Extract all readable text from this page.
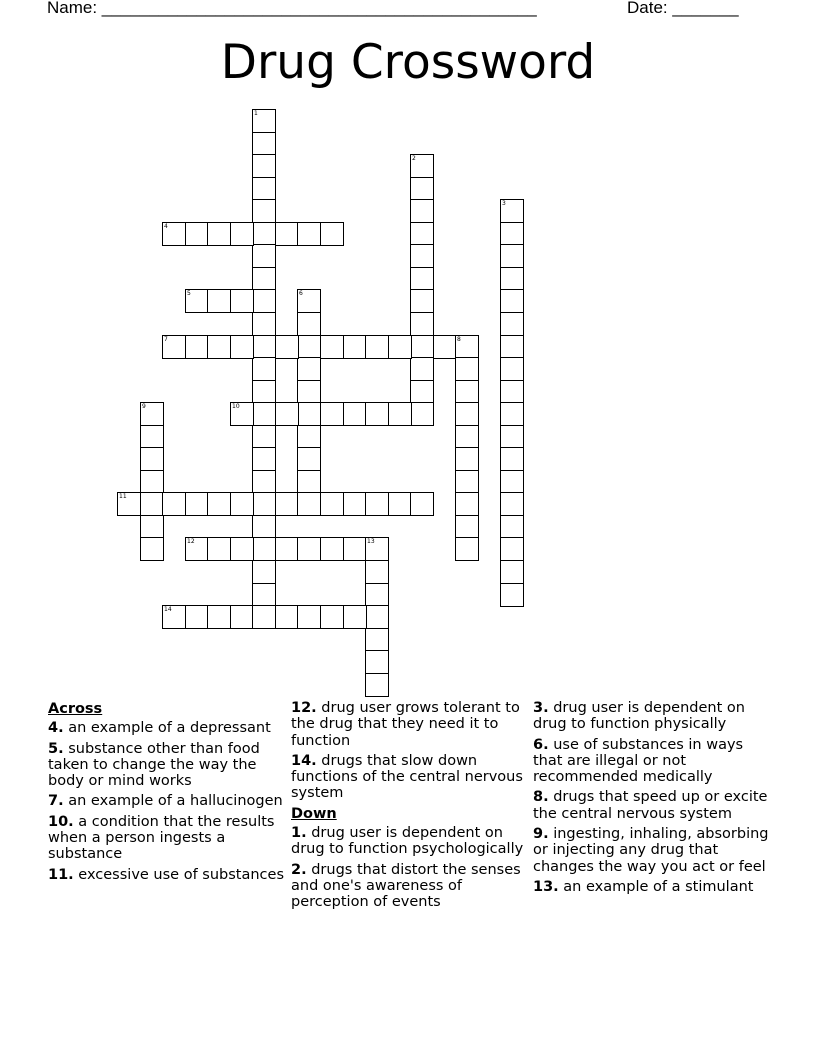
Name: ______________________________________________	Date: _______
Drug Crossword
1
2
3
4
5	6
7	8
9	10
11
12	13
14
Across
4. an example of a depressant
5. substance other than food taken to change the way the body or mind works
7. an example of a hallucinogen
10. a condition that the results when a person ingests a substance
11. excessive use of substances
12. drug user grows tolerant to the drug that they need it to function
14. drugs that slow down functions of the central nervous system
Down
1. drug user is dependent on drug to function psychologically
2. drugs that distort the senses and one's awareness of perception of events
3. drug user is dependent on drug to function physically
6. use of substances in ways that are illegal or not recommended medically
8. drugs that speed up or excite the central nervous system
9. ingesting, inhaling, absorbing or injecting any drug that changes the way you act or feel
13. an example of a stimulant
